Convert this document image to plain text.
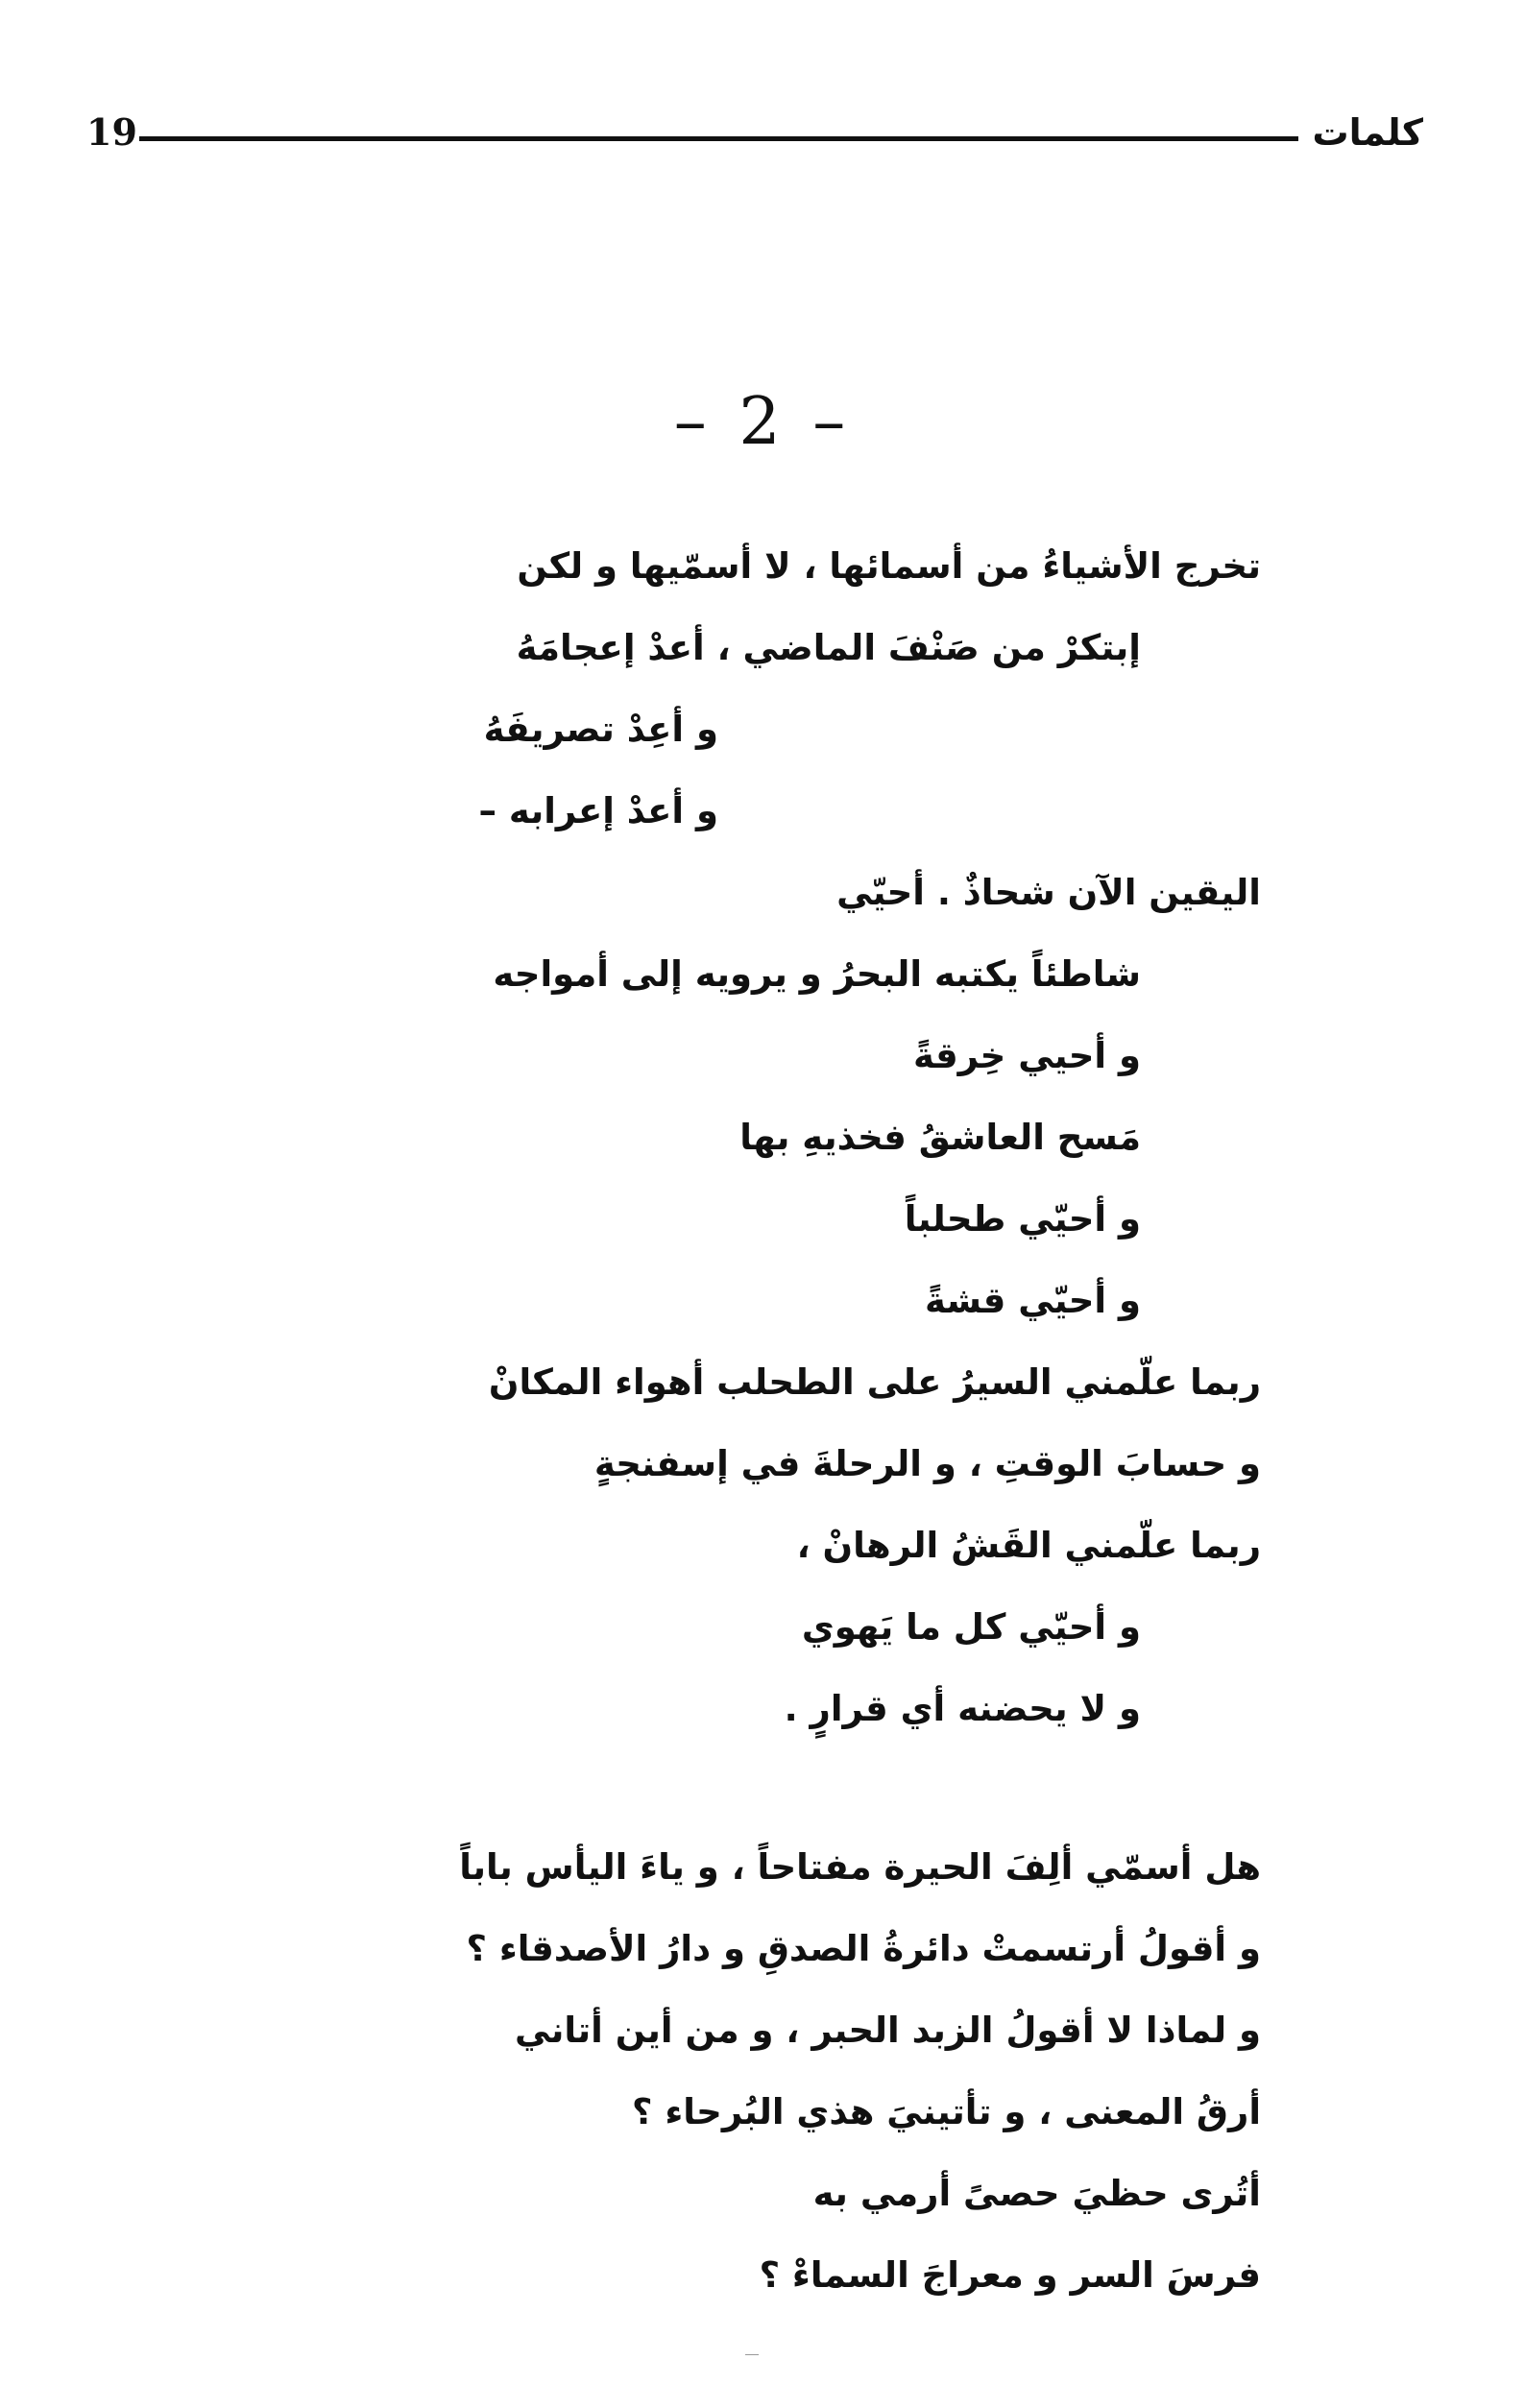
19	كلمات
– 2 –
تخرج الأشياءُ من أسمائها ، لا أسمّيها و لكن
إبتكرْ من صَنْفَ الماضي ، أعدْ إعجامَهُ
و أعِدْ تصريفَهُ
و أعدْ إعرابه –
اليقين الآن شحاذٌ . أحيّي
شاطئاً يكتبه البحرُ و يرويه إلى أمواجه
و أحيي خِرقةً
مَسح العاشقُ فخذيهِ بها
و أحيّي طحلباً
و أحيّي قشةً
ربما علّمني السيرُ على الطحلب أهواء المكانْ
و حسابَ الوقتِ ، و الرحلةَ في إسفنجةٍ
ربما علّمني القَشُ الرهانْ ،
و أحيّي كل ما يَهوي
و لا يحضنه أي قرارٍ .
هل أسمّي ألِفَ الحيرة مفتاحاً ، و ياءَ اليأس باباً
و أقولُ أرتسمتْ دائرةُ الصدقِ و دارُ الأصدقاء ؟
و لماذا لا أقولُ الزبد الحبر ، و من أين أتاني
أرقُ المعنى ، و تأتينيَ هذي البُرحاء ؟
أتُرى حظيَ حصىً أرمي به
فرسَ السر و معراجَ السماءْ ؟
